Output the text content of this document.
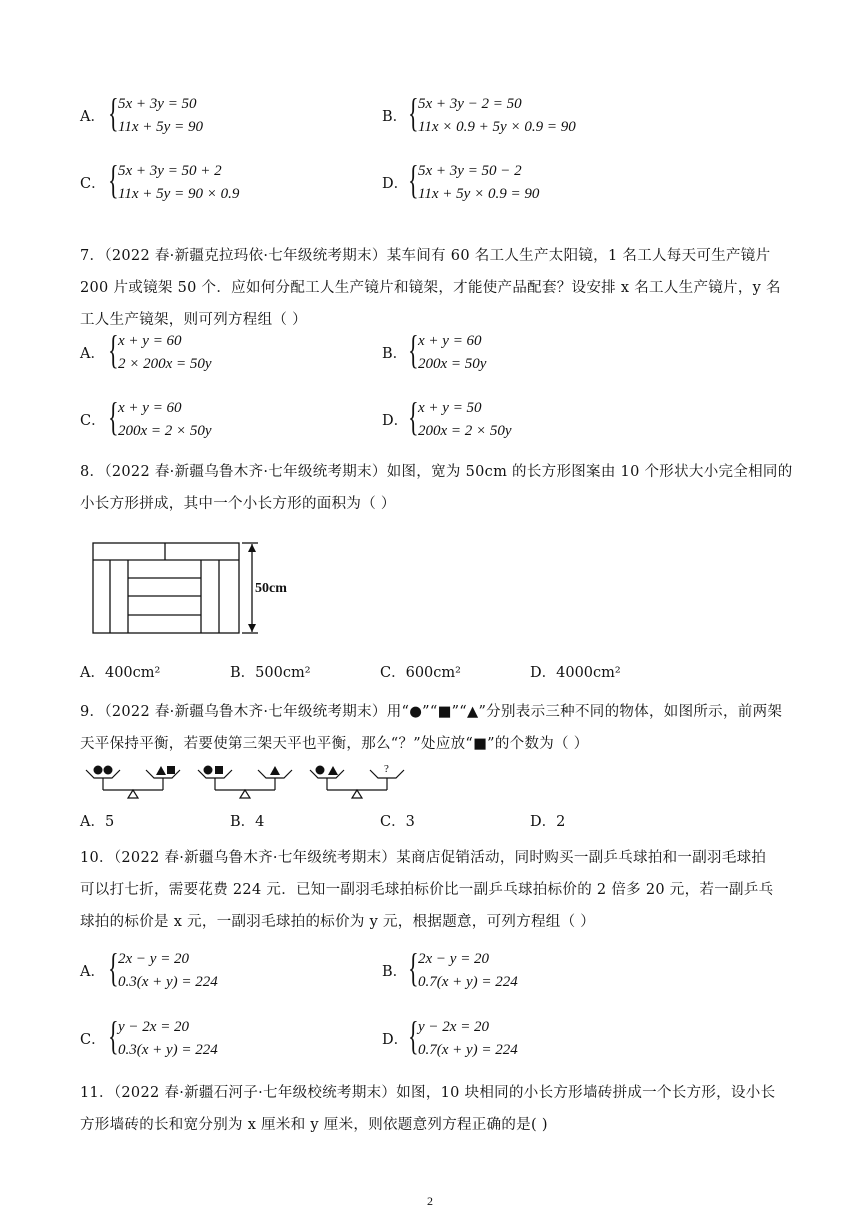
A． { 5x + 3y = 50
11x + 5y = 90
B． { 5x + 3y − 2 = 50
11x × 0.9 + 5y × 0.9 = 90
C． { 5x + 3y = 50 + 2
11x + 5y = 90 × 0.9
D． { 5x + 3y = 50 − 2
11x + 5y × 0.9 = 90
7．（2022 春·新疆克拉玛依·七年级统考期末）某车间有 60 名工人生产太阳镜，1 名工人每天可生产镜片
200 片或镜架 50 个．应如何分配工人生产镜片和镜架，才能使产品配套？设安排 x 名工人生产镜片，y 名
工人生产镜架，则可列方程组（ ）
A． { x + y = 60
2 × 200x = 50y
B． { x + y = 60
200x = 50y
C． { x + y = 60
200x = 2 × 50y
D． { x + y = 50
200x = 2 × 50y
8．（2022 春·新疆乌鲁木齐·七年级统考期末）如图，宽为 50cm 的长方形图案由 10 个形状大小完全相同的
小长方形拼成，其中一个小长方形的面积为（ ）
50cm
A．400cm²	B．500cm²	C．600cm²	D．4000cm²
9．（2022 春·新疆乌鲁木齐·七年级统考期末）用“●”“■”“▲”分别表示三种不同的物体，如图所示，前两架
天平保持平衡，若要使第三架天平也平衡，那么“？”处应放“■”的个数为（ ）
?
A．5	B．4	C．3	D．2
10．（2022 春·新疆乌鲁木齐·七年级统考期末）某商店促销活动，同时购买一副乒乓球拍和一副羽毛球拍
可以打七折，需要花费 224 元．已知一副羽毛球拍标价比一副乒乓球拍标价的 2 倍多 20 元，若一副乒乓
球拍的标价是 x 元，一副羽毛球拍的标价为 y 元，根据题意，可列方程组（ ）
A． { 2x − y = 20
0.3(x + y) = 224
B． { 2x − y = 20
0.7(x + y) = 224
C． { y − 2x = 20
0.3(x + y) = 224
D． { y − 2x = 20
0.7(x + y) = 224
11．（2022 春·新疆石河子·七年级校统考期末）如图，10 块相同的小长方形墙砖拼成一个长方形，设小长
方形墙砖的长和宽分别为 x 厘米和 y 厘米，则依题意列方程正确的是( )
2
